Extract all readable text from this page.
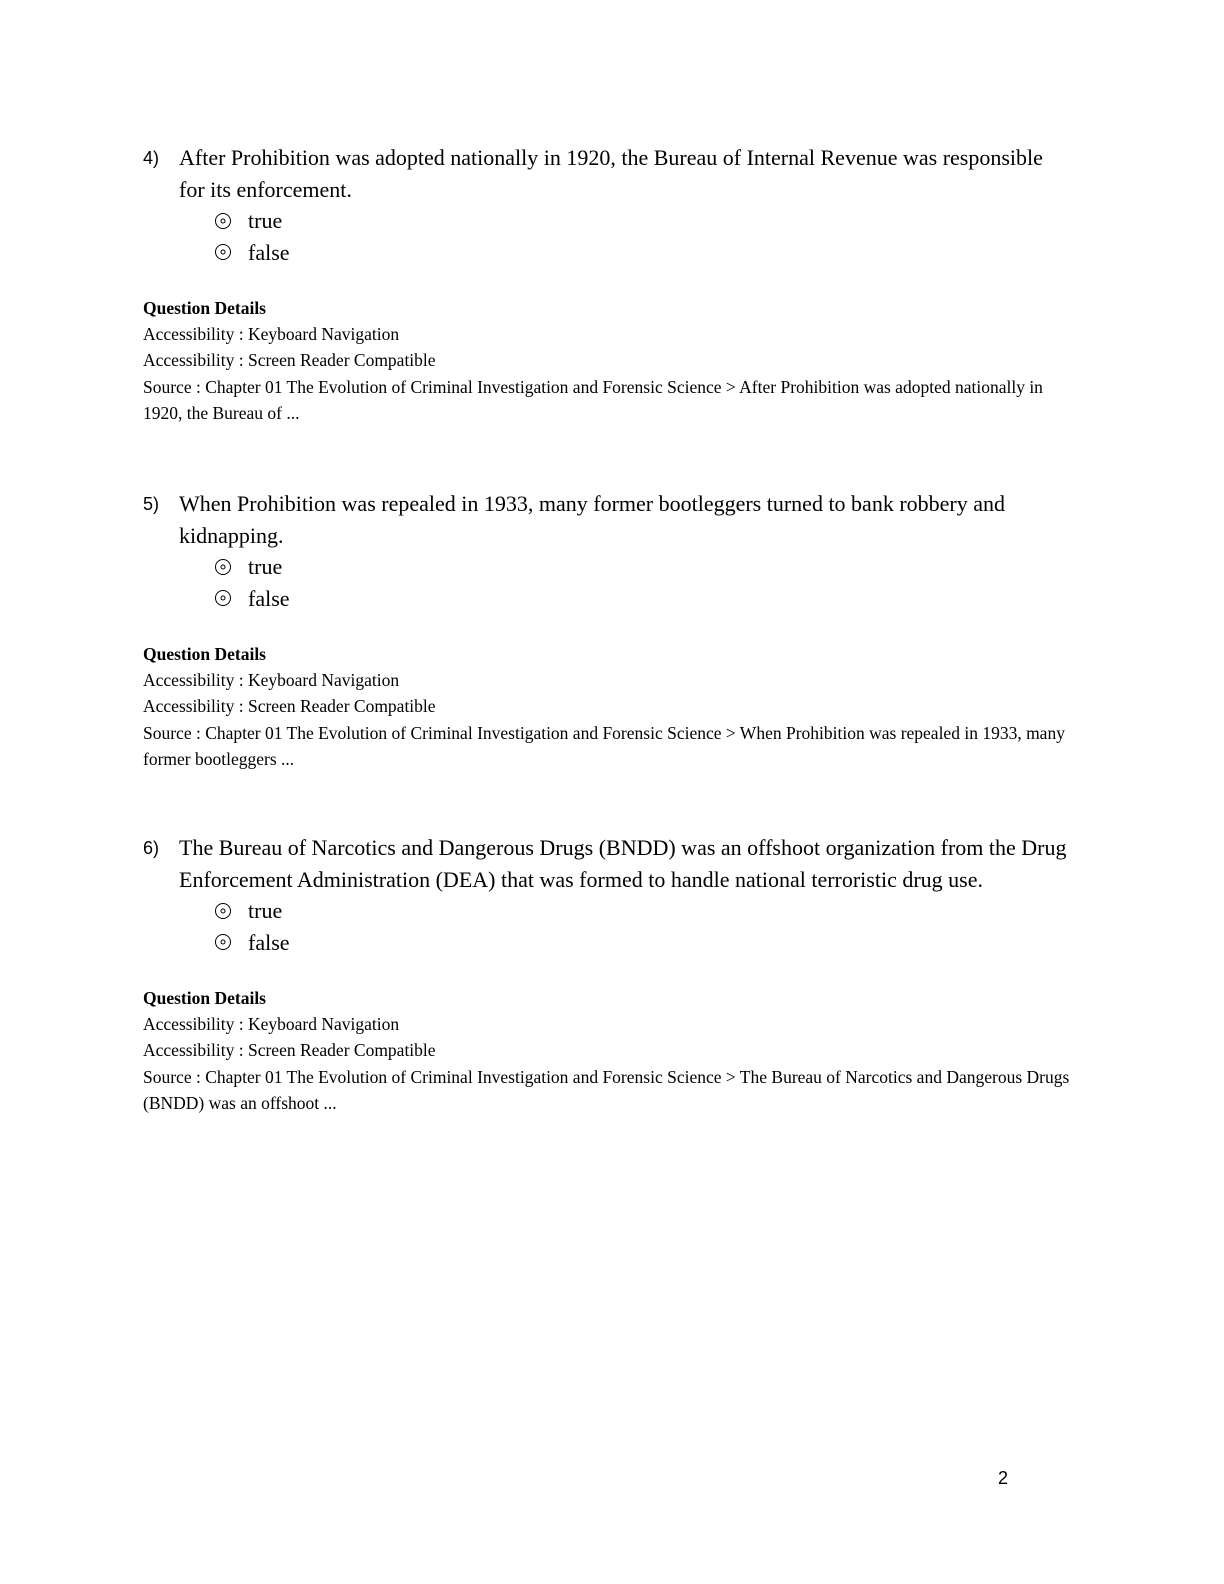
4) After Prohibition was adopted nationally in 1920, the Bureau of Internal Revenue was responsible for its enforcement.
true
false
Question Details
Accessibility : Keyboard Navigation
Accessibility : Screen Reader Compatible
Source : Chapter 01 The Evolution of Criminal Investigation and Forensic Science > After Prohibition was adopted nationally in 1920, the Bureau of ...
5) When Prohibition was repealed in 1933, many former bootleggers turned to bank robbery and kidnapping.
true
false
Question Details
Accessibility : Keyboard Navigation
Accessibility : Screen Reader Compatible
Source : Chapter 01 The Evolution of Criminal Investigation and Forensic Science > When Prohibition was repealed in 1933, many former bootleggers ...
6) The Bureau of Narcotics and Dangerous Drugs (BNDD) was an offshoot organization from the Drug Enforcement Administration (DEA) that was formed to handle national terroristic drug use.
true
false
Question Details
Accessibility : Keyboard Navigation
Accessibility : Screen Reader Compatible
Source : Chapter 01 The Evolution of Criminal Investigation and Forensic Science > The Bureau of Narcotics and Dangerous Drugs (BNDD) was an offshoot ...
2
